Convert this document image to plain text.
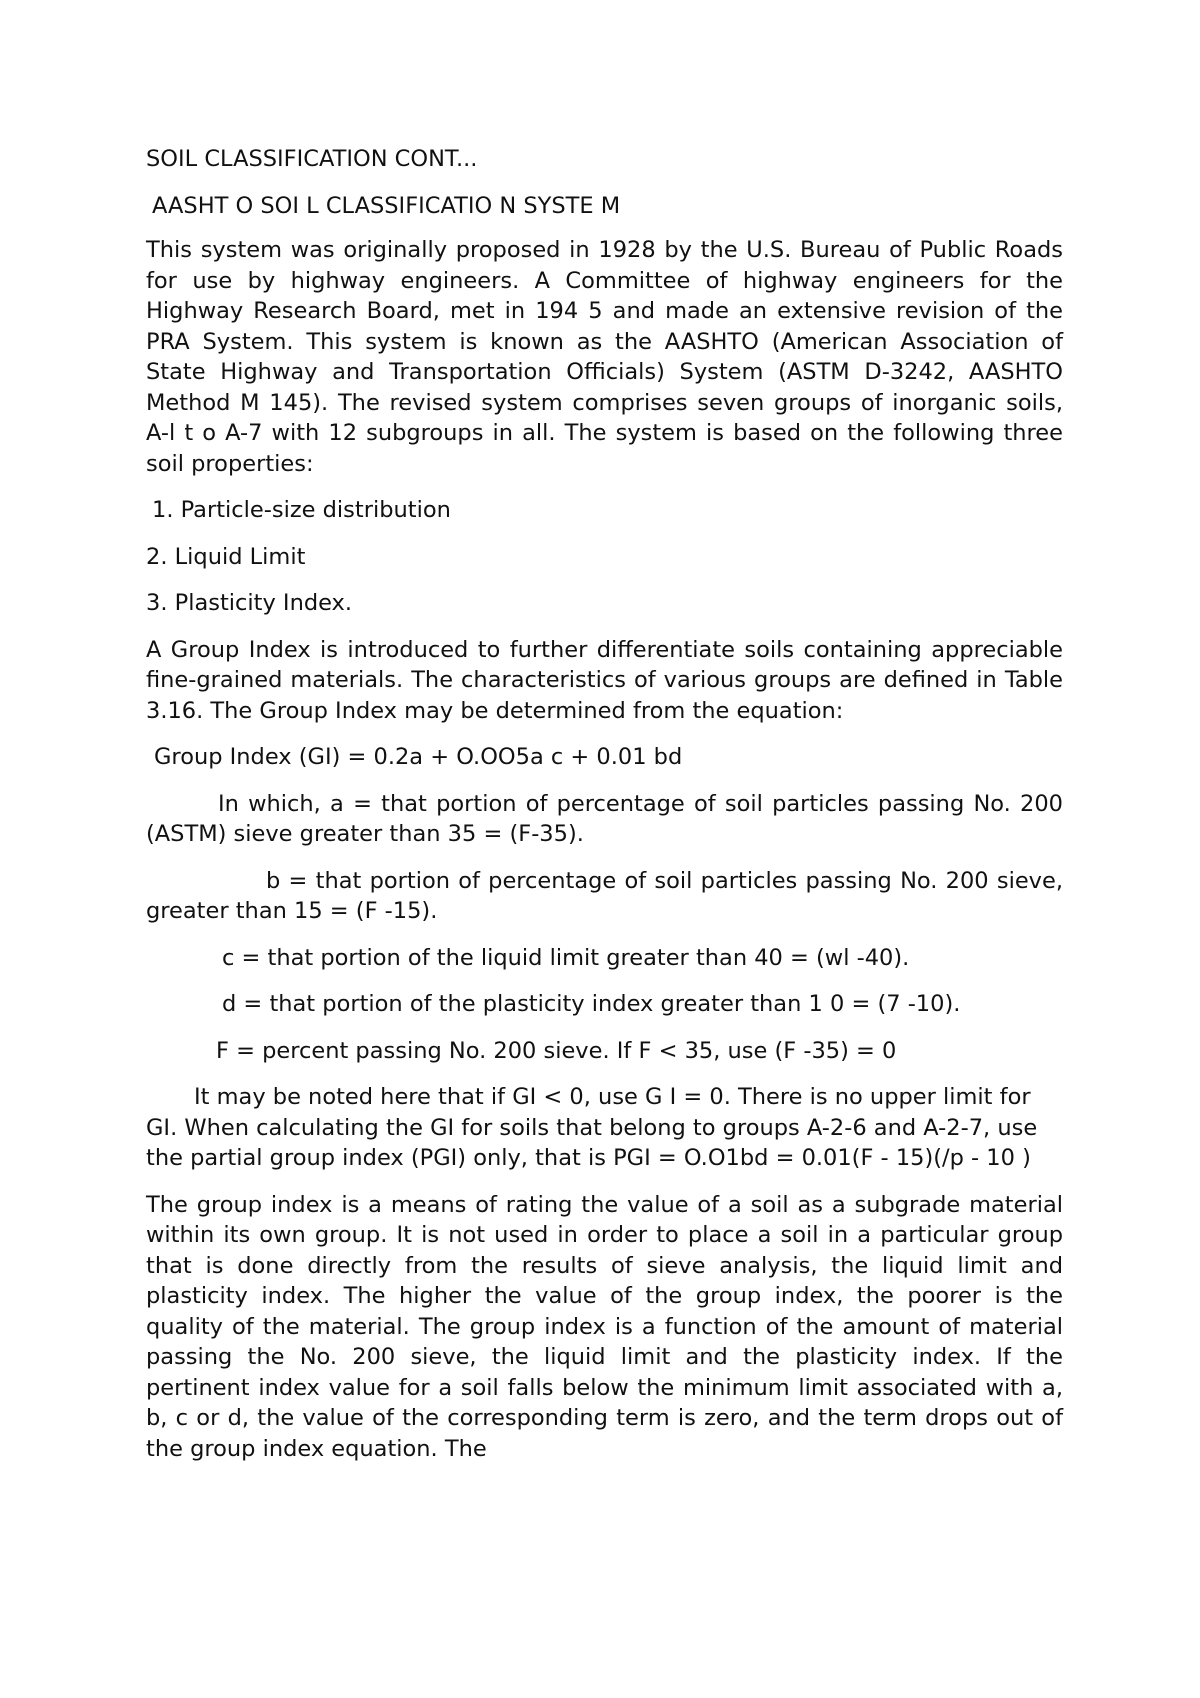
SOIL CLASSIFICATION CONT...

AASHT O SOI L CLASSIFICATIO N SYSTE M

This system was originally proposed in 1928 by the U.S. Bureau of Public Roads for use by highway engineers. A Committee of highway engineers for the Highway Research Board, met in 194 5 and made an extensive revision of the PRA System. This system is known as the AASHTO (American Association of State Highway and Transportation Officials) System (ASTM D-3242, AASHTO Method M 145). The revised system comprises seven groups of inorganic soils, A-l t o A-7 with 12 subgroups in all. The system is based on the following three soil properties:

1. Particle-size distribution

2. Liquid Limit

3. Plasticity Index.

A Group Index is introduced to further differentiate soils containing appreciable fine-grained materials. The characteristics of various groups are defined in Table 3.16. The Group Index may be determined from the equation:

Group Index (GI) = 0.2a + O.OO5a c + 0.01 bd

In which, a = that portion of percentage of soil particles passing No. 200 (ASTM) sieve greater than 35 = (F-35).

b = that portion of percentage of soil particles passing No. 200 sieve, greater than 15 = (F -15).

c = that portion of the liquid limit greater than 40 = (wl -40).

d = that portion of the plasticity index greater than 1 0 = (7 -10).

F = percent passing No. 200 sieve. If F < 35, use (F -35) = 0

It may be noted here that if GI < 0, use G I = 0. There is no upper limit for GI. When calculating the GI for soils that belong to groups A-2-6 and A-2-7, use the partial group index (PGI) only, that is PGI = O.O1bd = 0.01(F - 15)(/p - 10 )

The group index is a means of rating the value of a soil as a subgrade material within its own group. It is not used in order to place a soil in a particular group that is done directly from the results of sieve analysis, the liquid limit and plasticity index. The higher the value of the group index, the poorer is the quality of the material. The group index is a function of the amount of material passing the No. 200 sieve, the liquid limit and the plasticity index. If the pertinent index value for a soil falls below the minimum limit associated with a, b, c or d, the value of the corresponding term is zero, and the term drops out of the group index equation. The
